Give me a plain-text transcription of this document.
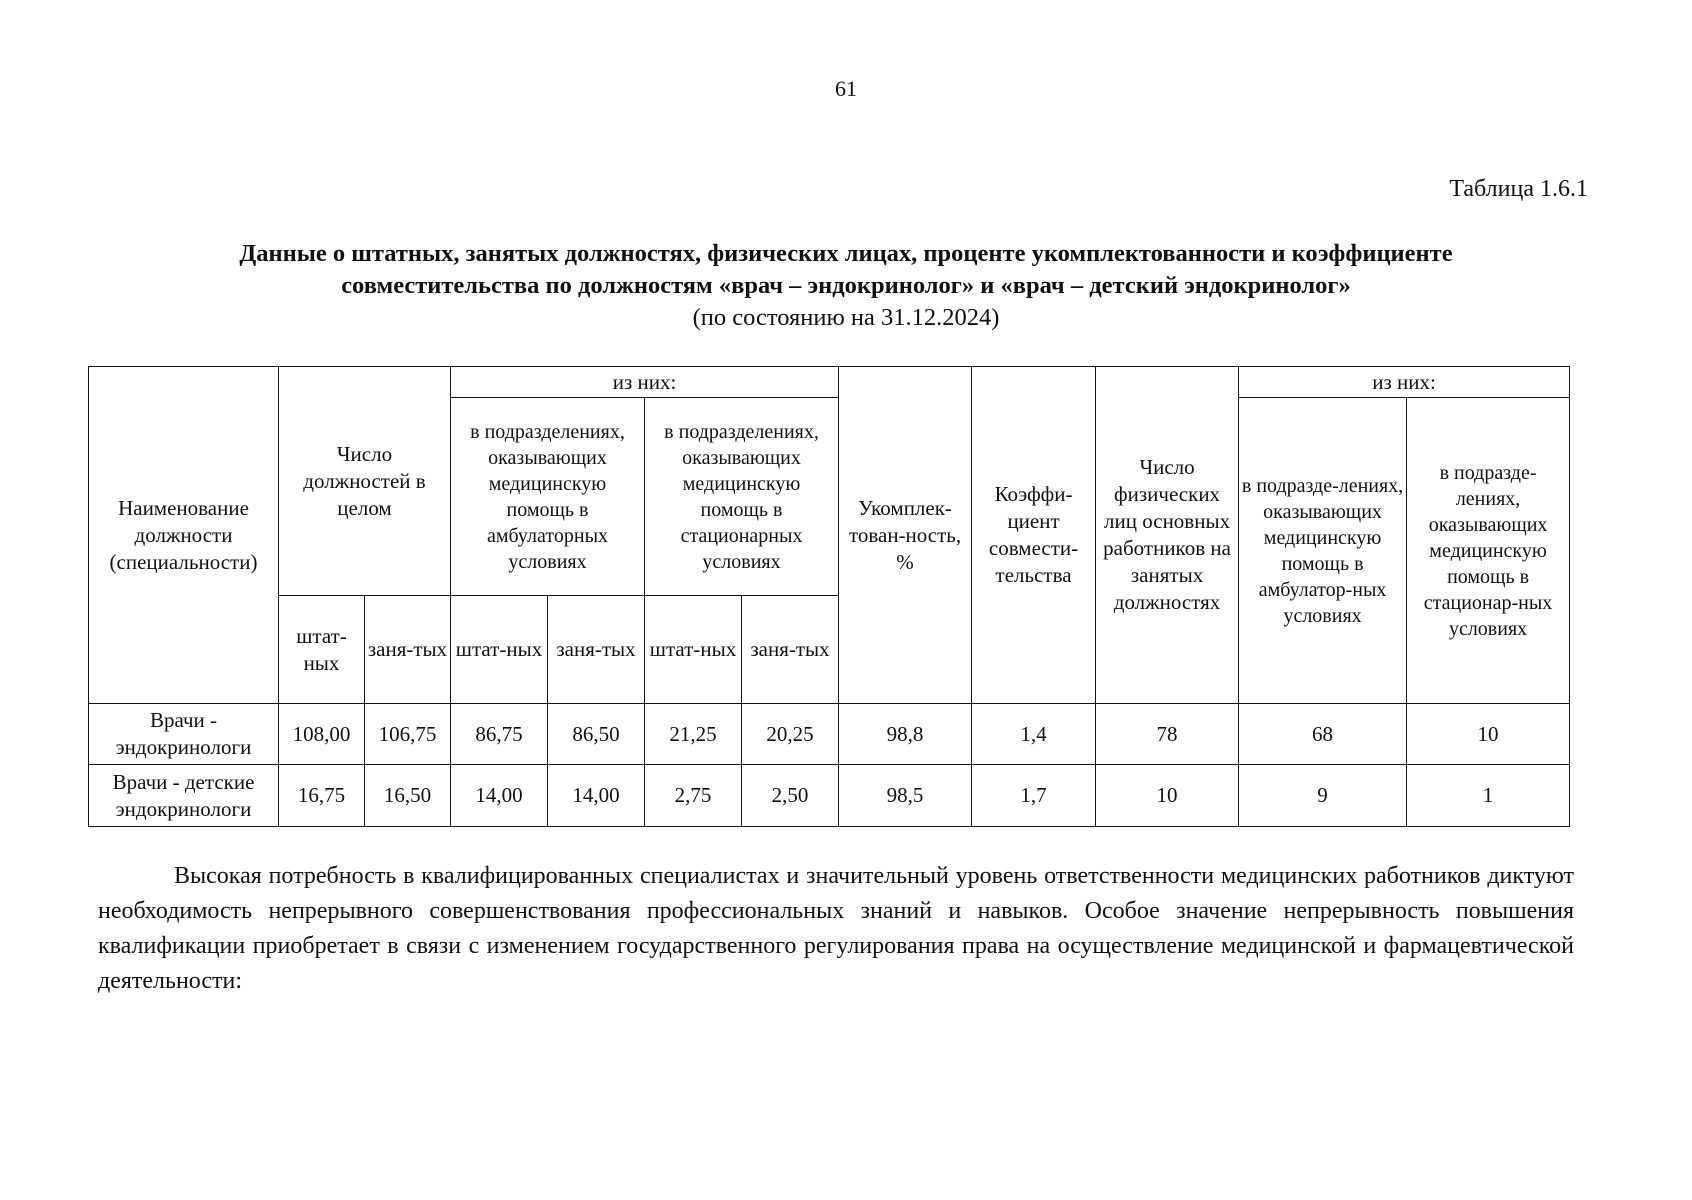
61
Таблица 1.6.1
Данные о штатных, занятых должностях, физических лицах, проценте укомплектованности и коэффициенте
совместительства по должностям «врач – эндокринолог» и «врач – детский эндокринолог»
(по состоянию на 31.12.2024)
Наименование должности (специальности)	Число должностей в целом		из них:				Укомплек-тован-ность, %	Коэффи-циент совмести-тельства	Число физических лиц основных работников на занятых должностях	из них:	
			в подразделениях, оказывающих медицинскую помощь в амбулаторных условиях		в подразделениях, оказывающих медицинскую помощь в стационарных условиях					в подразде-лениях, оказывающих медицинскую помощь в амбулатор-ных условиях	в подразде-лениях, оказывающих медицинскую помощь в стационар-ных условиях
	штат-ных	заня-тых	штат-ных	заня-тых	штат-ных	заня-тых					
Врачи - эндокринологи	108,00	106,75	86,75	86,50	21,25	20,25	98,8	1,4	78	68	10
Врачи - детские эндокринологи	16,75	16,50	14,00	14,00	2,75	2,50	98,5	1,7	10	9	1

Высокая потребность в квалифицированных специалистах и значительный уровень ответственности медицинских работников диктуют необходимость непрерывного совершенствования профессиональных знаний и навыков. Особое значение непрерывность повышения квалификации приобретает в связи с изменением государственного регулирования права на осуществление медицинской и фармацевтической деятельности:
